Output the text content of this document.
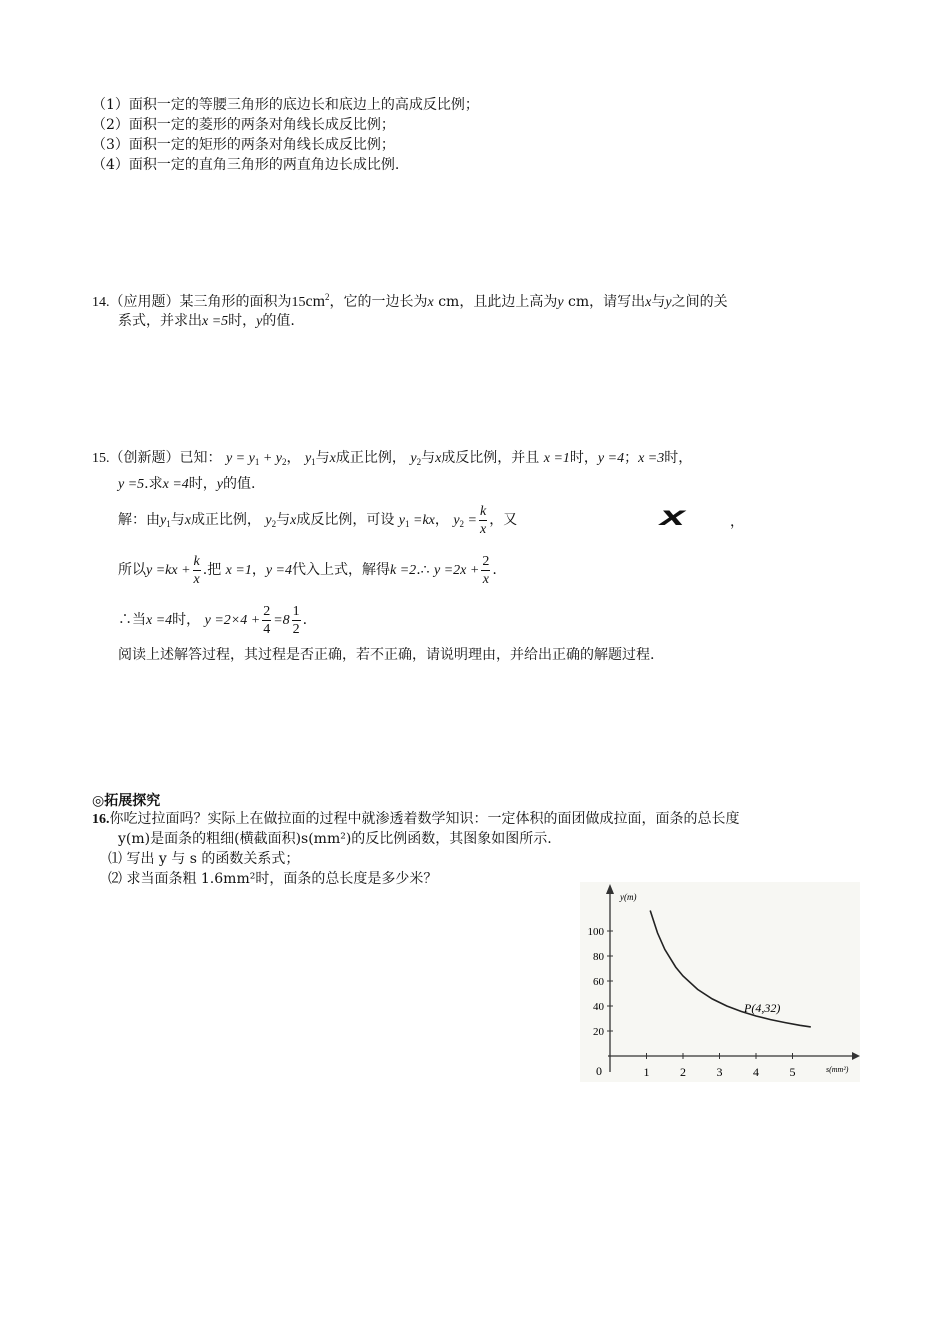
（1）面积一定的等腰三角形的底边长和底边上的高成反比例；
（2）面积一定的菱形的两条对角线长成反比例；
（3）面积一定的矩形的两条对角线长成反比例；
（4）面积一定的直角三角形的两直角边长成比例.
14.（应用题）某三角形的面积为$15cm^2$，它的一边长为x cm，且此边上高为y cm，请写出x与y之间的关
系式，并求出x =5时，y的值.
15.（创新题）已知： $y = y_1 + y_2$， $y_1$与x成正比例， $y_2$与x成反比例，并且 x =1时，y =4；x =3时，
y =5.求x =4时，y的值.
解：由$y_1$与x成正比例， $y_2$与x成反比例，可设 $y_1 =kx$， $y_2 = \frac{k}{x}$ ，又	x	，
所以$y =kx + \frac{k}{x}$ .把 x =1，y =4代入上式，解得k =2.∴ $y =2x + \frac{2}{x}$ .
∴当x =4时， $y =2\times 4 + \frac{2}{4} =8 \frac{1}{2}$ .
阅读上述解答过程，其过程是否正确，若不正确，请说明理由，并给出正确的解题过程.
◎拓展探究
16.你吃过拉面吗？实际上在做拉面的过程中就渗透着数学知识：一定体积的面团做成拉面，面条的总长度
y(m)是面条的粗细(横截面积)s(mm²)的反比例函数，其图象如图所示.
⑴ 写出 y 与 s 的函数关系式；
⑵ 求当面条粗 1.6mm²时，面条的总长度是多少米？
y(m)
s(mm²)
0	1	2	3	4	5
20
40
60
80
100
P(4,32)
